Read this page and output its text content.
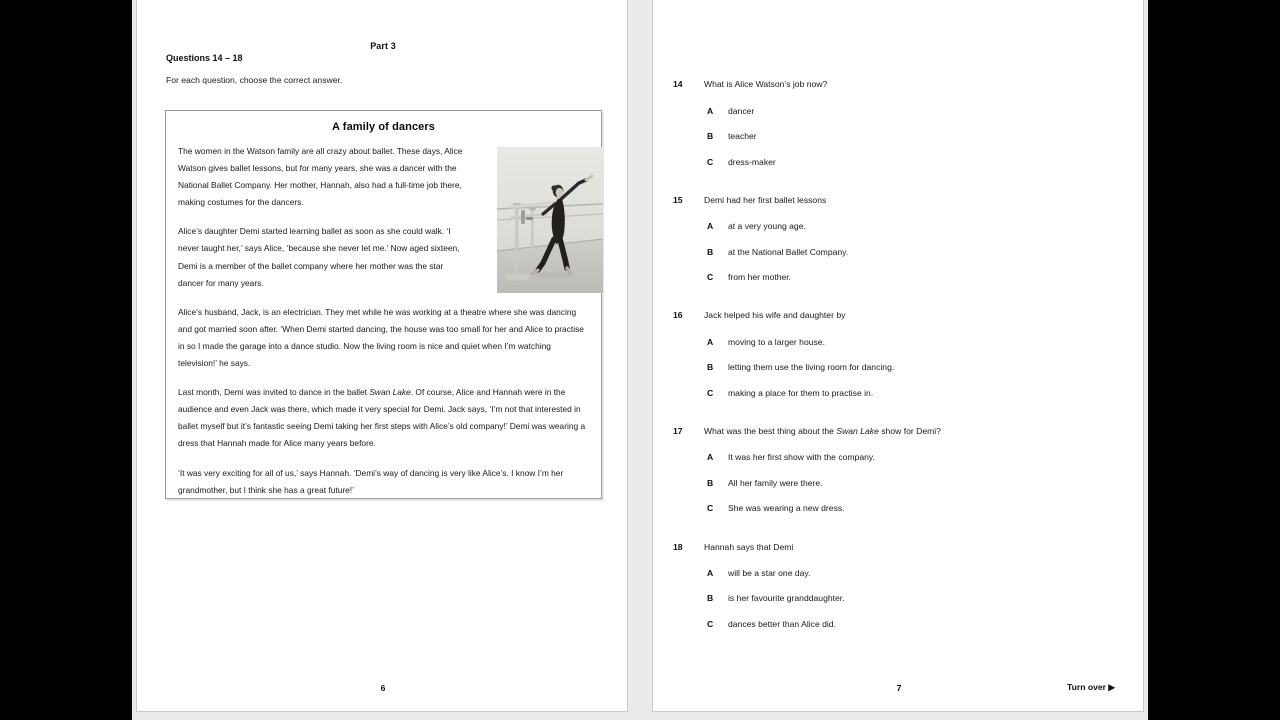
Part 3
Questions 14 – 18
For each question, choose the correct answer.
A family of dancers
The women in the Watson family are all crazy about ballet. These days, Alice Watson gives ballet lessons, but for many years, she was a dancer with the National Ballet Company. Her mother, Hannah, also had a full-time job there, making costumes for the dancers.
Alice’s daughter Demi started learning ballet as soon as she could walk. ‘I never taught her,’ says Alice, ‘because she never let me.’ Now aged sixteen, Demi is a member of the ballet company where her mother was the star dancer for many years.
Alice’s husband, Jack, is an electrician. They met while he was working at a theatre where she was dancing and got married soon after. ‘When Demi started dancing, the house was too small for her and Alice to practise in so I made the garage into a dance studio. Now the living room is nice and quiet when I’m watching television!’ he says.
Last month, Demi was invited to dance in the ballet Swan Lake. Of course, Alice and Hannah were in the audience and even Jack was there, which made it very special for Demi. Jack says, ‘I’m not that interested in ballet myself but it’s fantastic seeing Demi taking her first steps with Alice’s old company!’ Demi was wearing a dress that Hannah made for Alice many years before.
‘It was very exciting for all of us,’ says Hannah. ‘Demi’s way of dancing is very like Alice’s. I know I’m her grandmother, but I think she has a great future!’
6
14 What is Alice Watson’s job now?
A dancer
B teacher
C dress-maker
15 Demi had her first ballet lessons
A at a very young age.
B at the National Ballet Company.
C from her mother.
16 Jack helped his wife and daughter by
A moving to a larger house.
B letting them use the living room for dancing.
C making a place for them to practise in.
17 What was the best thing about the Swan Lake show for Demi?
A It was her first show with the company.
B All her family were there.
C She was wearing a new dress.
18 Hannah says that Demi
A will be a star one day.
B is her favourite granddaughter.
C dances better than Alice did.
7	Turn over ▶
